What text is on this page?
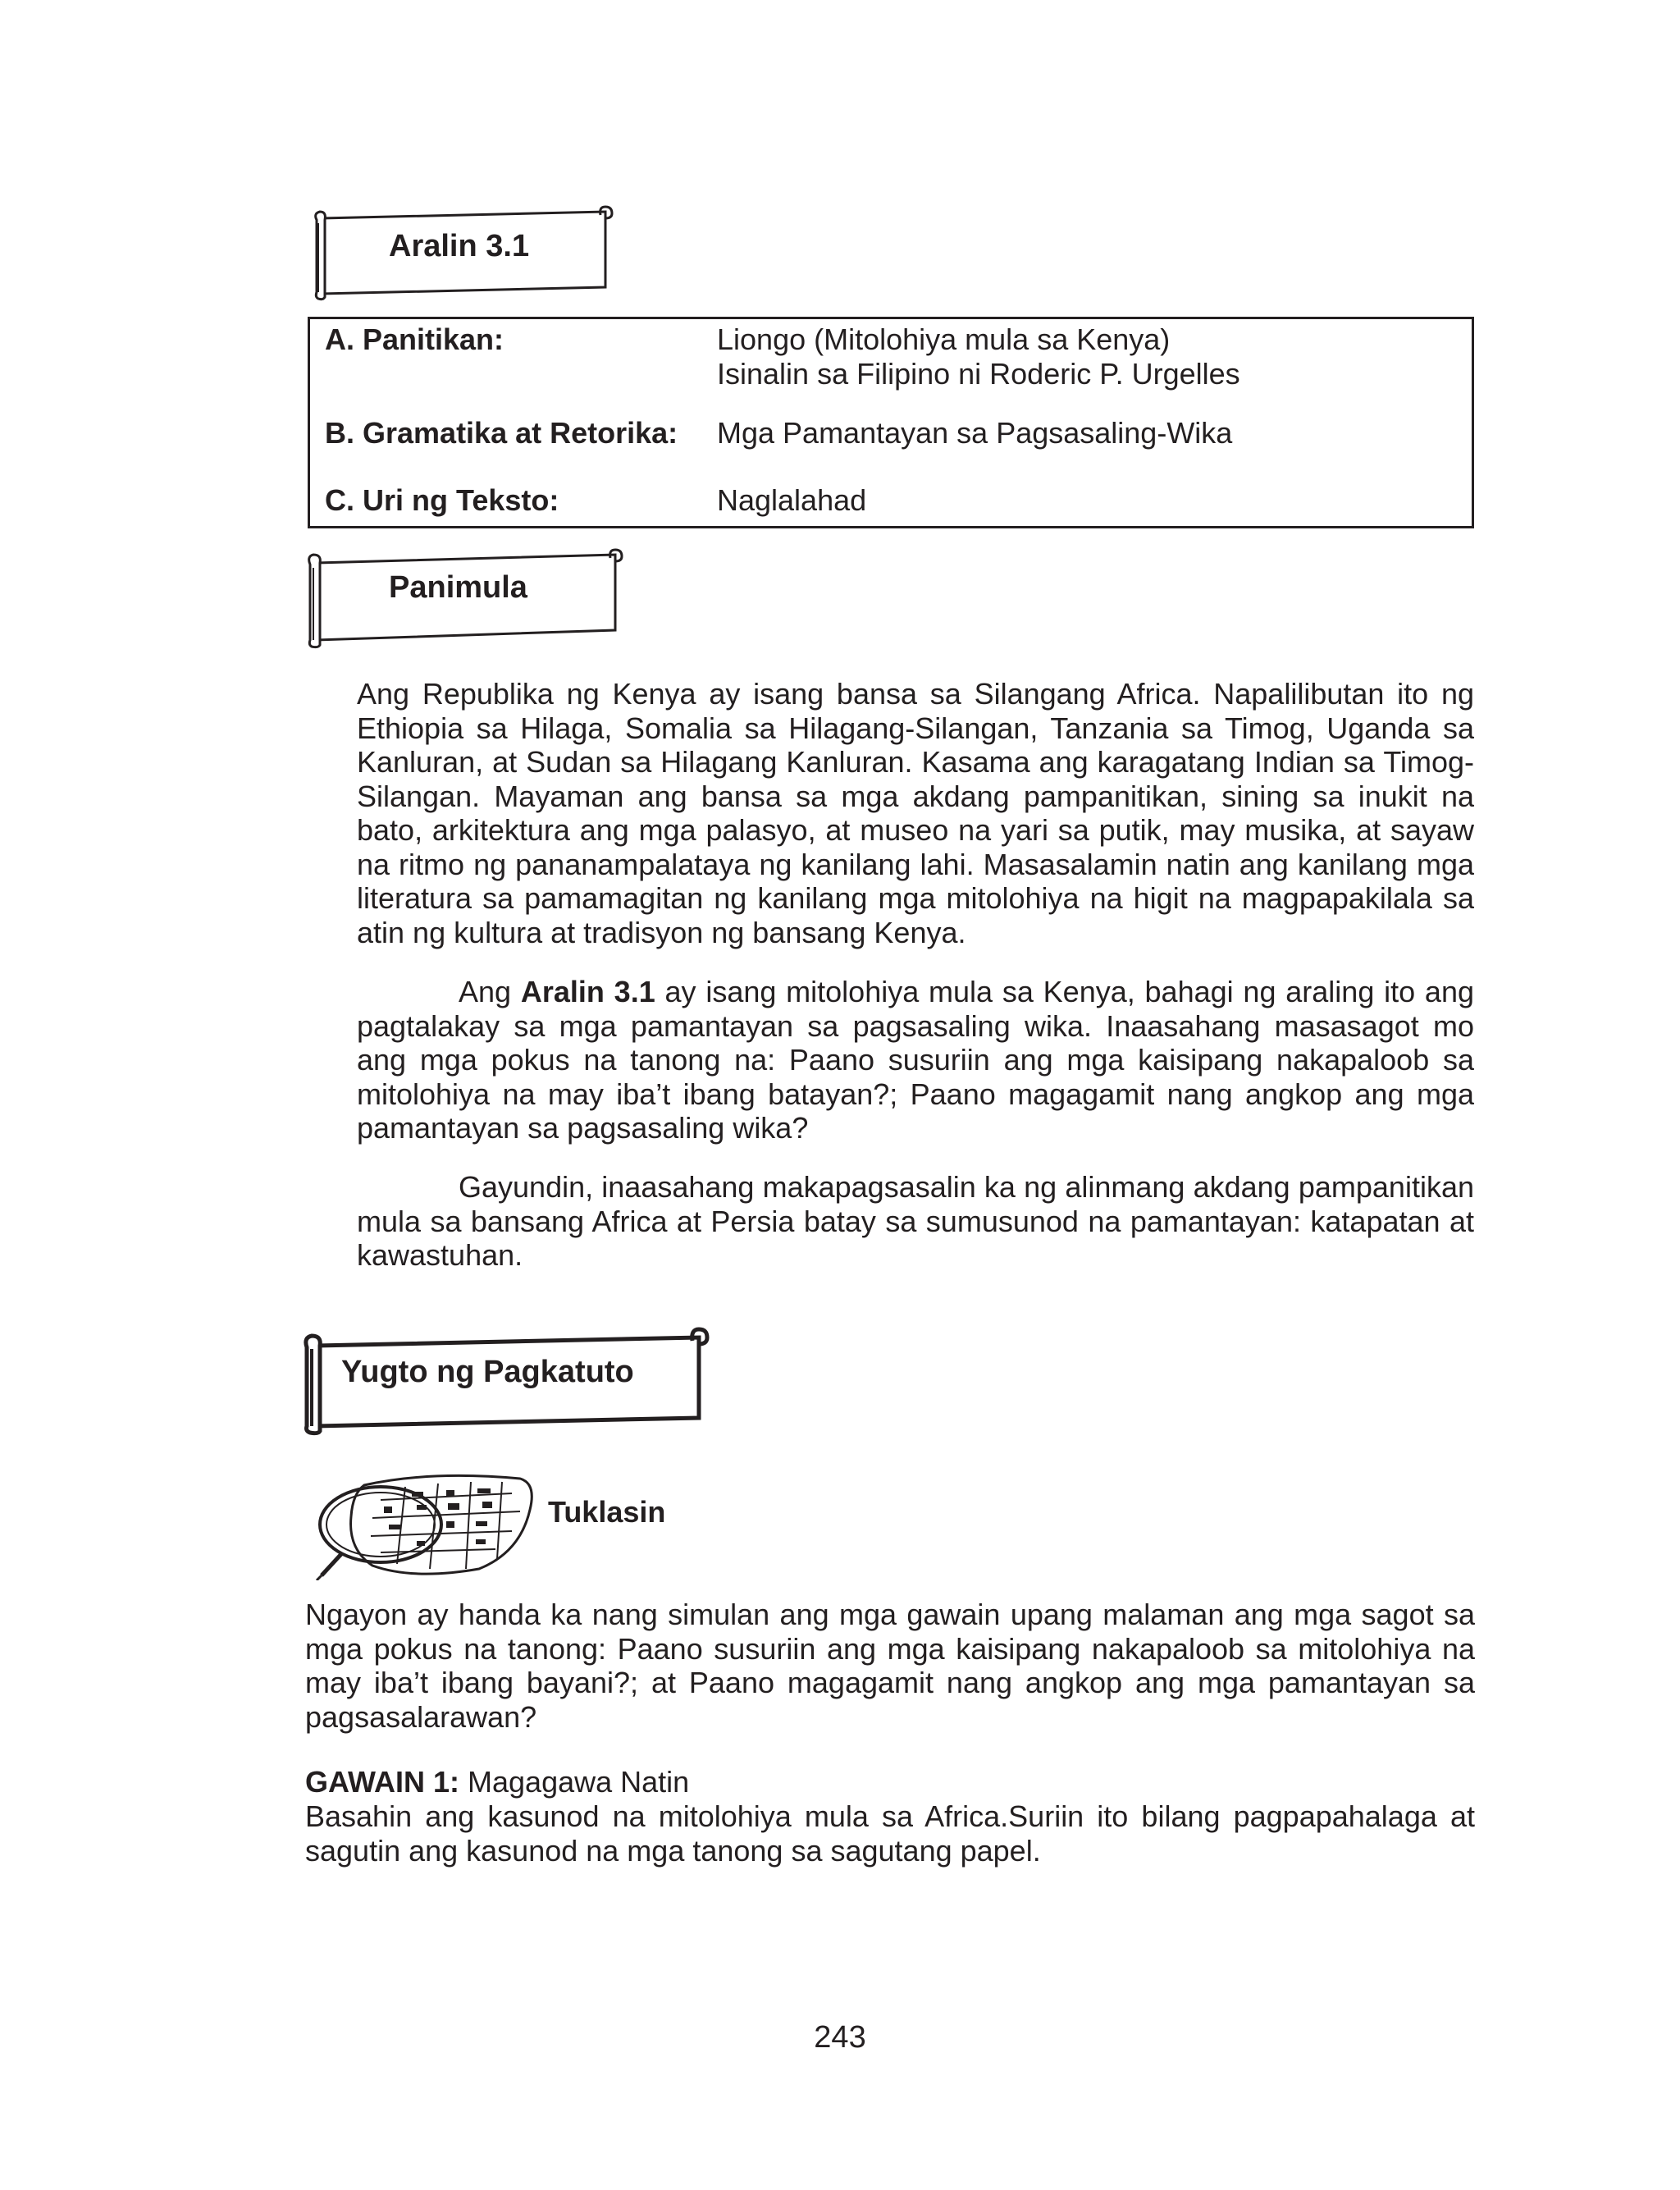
Aralin 3.1
A. Panitikan:	Liongo (Mitolohiya mula sa Kenya)
Isinalin sa Filipino ni Roderic P. Urgelles
B. Gramatika at Retorika: Mga Pamantayan sa Pagsasaling-Wika
C. Uri ng Teksto:	Naglalahad
Panimula
Ang Republika ng Kenya ay isang bansa sa Silangang Africa. Napalilibutan ito ng Ethiopia sa Hilaga, Somalia sa Hilagang-Silangan, Tanzania sa Timog, Uganda sa Kanluran, at Sudan sa Hilagang Kanluran. Kasama ang karagatang Indian sa Timog-Silangan. Mayaman ang bansa sa mga akdang pampanitikan, sining sa inukit na bato, arkitektura ang mga palasyo, at museo na yari sa putik, may musika, at sayaw na ritmo ng pananampalataya ng kanilang lahi. Masasalamin natin ang kanilang mga literatura sa pamamagitan ng kanilang mga mitolohiya na higit na magpapakilala sa atin ng kultura at tradisyon ng bansang Kenya.
Ang Aralin 3.1 ay isang mitolohiya mula sa Kenya, bahagi ng araling ito ang pagtalakay sa mga pamantayan sa pagsasaling wika. Inaasahang masasagot mo ang mga pokus na tanong na: Paano susuriin ang mga kaisipang nakapaloob sa mitolohiya na may iba’t ibang batayan?; Paano magagamit nang angkop ang mga pamantayan sa pagsasaling wika?
Gayundin, inaasahang makapagsasalin ka ng alinmang akdang pampanitikan mula sa bansang Africa at Persia batay sa sumusunod na pamantayan: katapatan at kawastuhan.
Yugto ng Pagkatuto
Tuklasin
Ngayon ay handa ka nang simulan ang mga gawain upang malaman ang mga sagot sa mga pokus na tanong: Paano susuriin ang mga kaisipang nakapaloob sa mitolohiya na may iba’t ibang bayani?; at Paano magagamit nang angkop ang mga pamantayan sa pagsasalarawan?
GAWAIN 1: Magagawa Natin
Basahin ang kasunod na mitolohiya mula sa Africa.Suriin ito bilang pagpapahalaga at sagutin ang kasunod na mga tanong sa sagutang papel.
243
